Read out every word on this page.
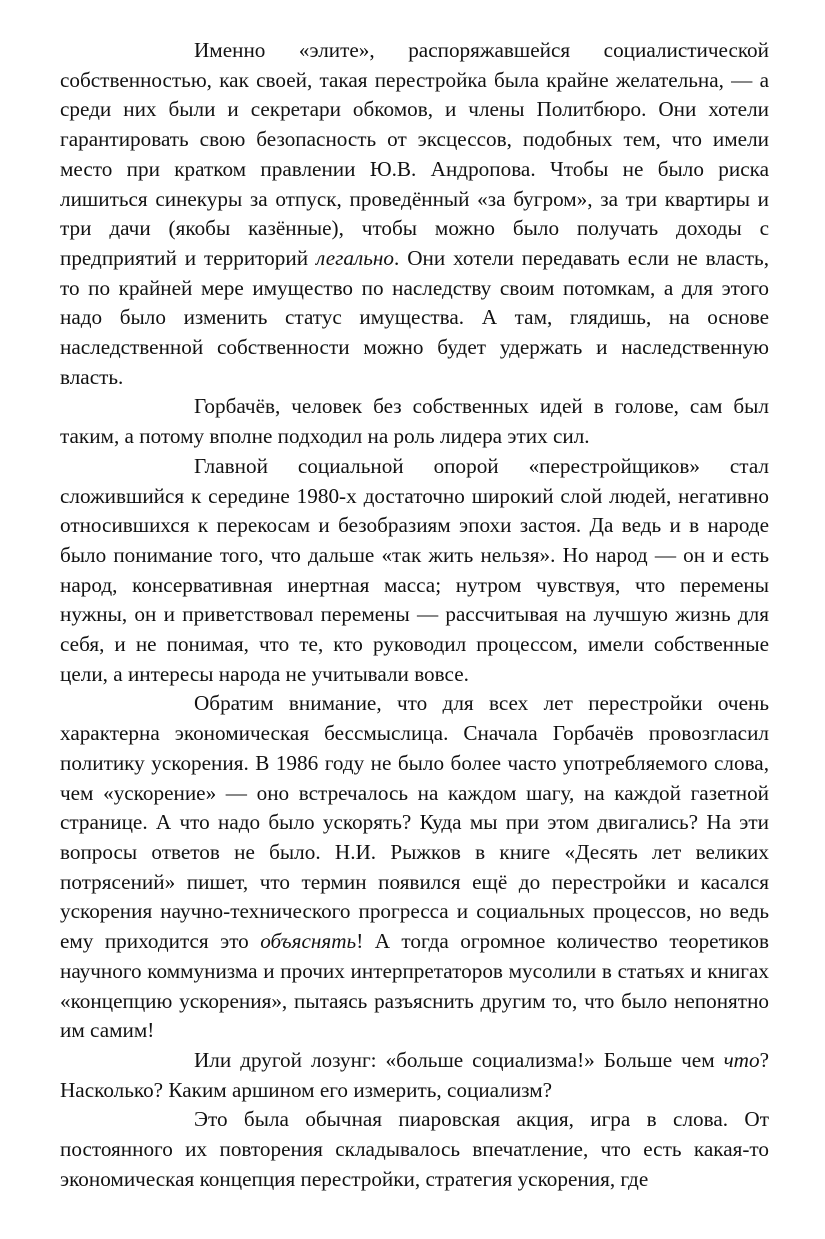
Именно «элите», распоряжавшейся социалистической собственностью, как своей, такая перестройка была крайне желательна, — а среди них были и секретари обкомов, и члены Политбюро. Они хотели гарантировать свою безопасность от эксцессов, подобных тем, что имели место при кратком правлении Ю.В. Андропова. Чтобы не было риска лишиться синекуры за отпуск, проведённый «за бугром», за три квартиры и три дачи (якобы казённые), чтобы можно было получать доходы с предприятий и территорий легально. Они хотели передавать если не власть, то по крайней мере имущество по наследству своим потомкам, а для этого надо было изменить статус имущества. А там, глядишь, на основе наследственной собственности можно будет удержать и наследственную власть.

Горбачёв, человек без собственных идей в голове, сам был таким, а потому вполне подходил на роль лидера этих сил.

Главной социальной опорой «перестройщиков» стал сложившийся к середине 1980-х достаточно широкий слой людей, негативно относившихся к перекосам и безобразиям эпохи застоя. Да ведь и в народе было понимание того, что дальше «так жить нельзя». Но народ — он и есть народ, консервативная инертная масса; нутром чувствуя, что перемены нужны, он и приветствовал перемены — рассчитывая на лучшую жизнь для себя, и не понимая, что те, кто руководил процессом, имели собственные цели, а интересы народа не учитывали вовсе.

Обратим внимание, что для всех лет перестройки очень характерна экономическая бессмыслица. Сначала Горбачёв провозгласил политику ускорения. В 1986 году не было более часто употребляемого слова, чем «ускорение» — оно встречалось на каждом шагу, на каждой газетной странице. А что надо было ускорять? Куда мы при этом двигались? На эти вопросы ответов не было. Н.И. Рыжков в книге «Десять лет великих потрясений» пишет, что термин появился ещё до перестройки и касался ускорения научно-технического прогресса и социальных процессов, но ведь ему приходится это объяснять! А тогда огромное количество теоретиков научного коммунизма и прочих интерпретаторов мусолили в статьях и книгах «концепцию ускорения», пытаясь разъяснить другим то, что было непонятно им самим!

Или другой лозунг: «больше социализма!» Больше чем что? Насколько? Каким аршином его измерить, социализм?

Это была обычная пиаровская акция, игра в слова. От постоянного их повторения складывалось впечатление, что есть какая-то экономическая концепция перестройки, стратегия ускорения, где
